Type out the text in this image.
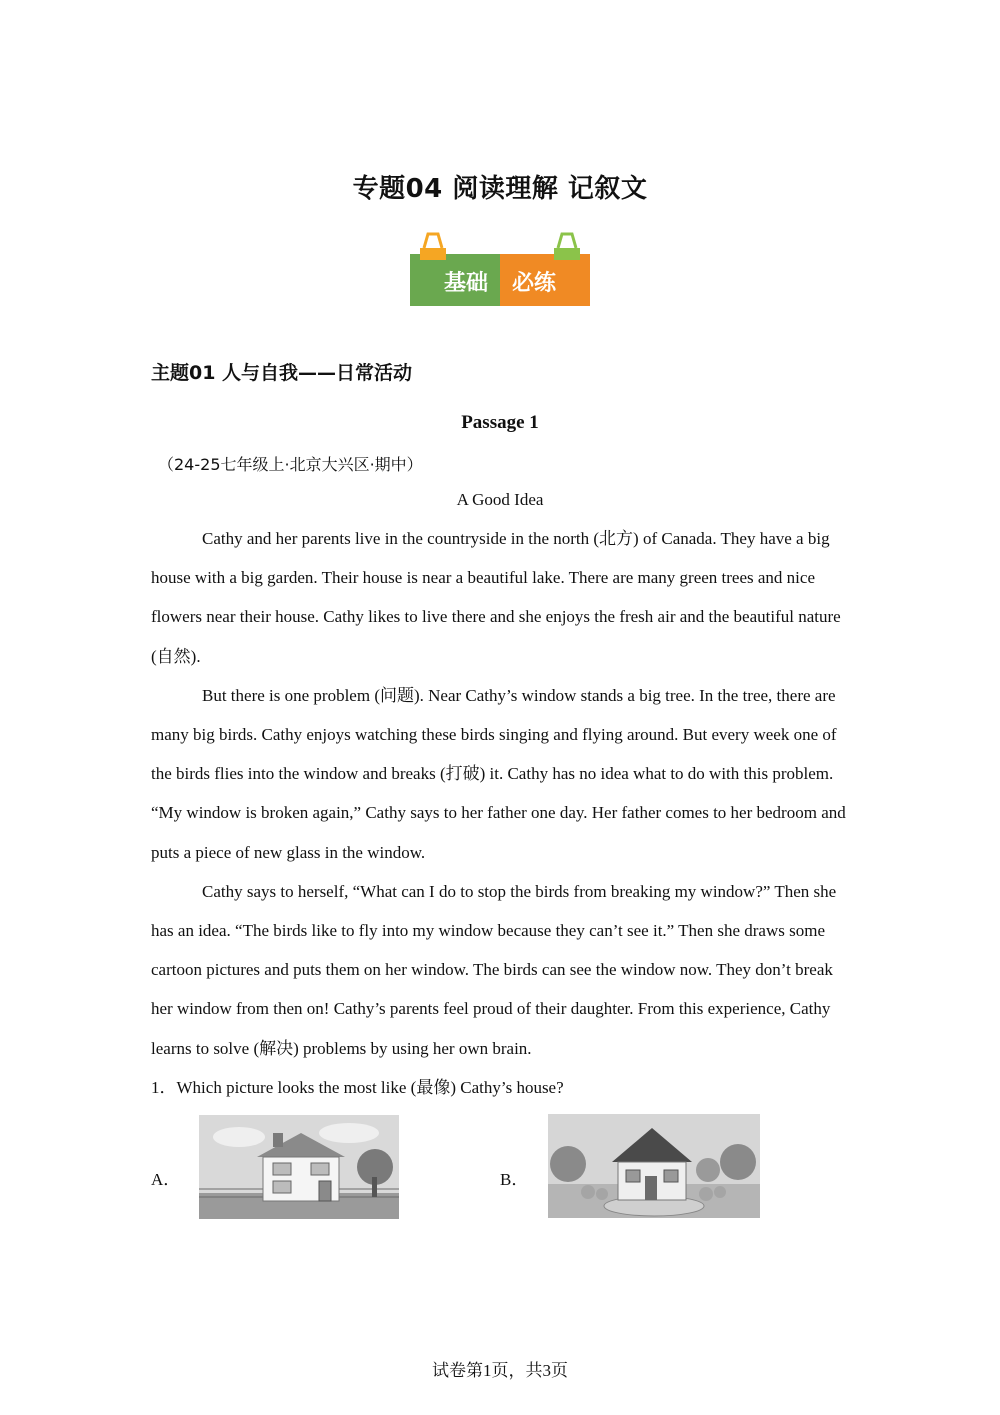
专题04 阅读理解 记叙文
基础 必练
主题01 人与自我——日常活动
Passage 1
（24-25七年级上·北京大兴区·期中）
A Good Idea

Cathy and her parents live in the countryside in the north (北方) of Canada. They have a big house with a big garden. Their house is near a beautiful lake. There are many green trees and nice flowers near their house. Cathy likes to live there and she enjoys the fresh air and the beautiful nature (自然).

But there is one problem (问题). Near Cathy’s window stands a big tree. In the tree, there are many big birds. Cathy enjoys watching these birds singing and flying around. But every week one of the birds flies into the window and breaks (打破) it. Cathy has no idea what to do with this problem. “My window is broken again,” Cathy says to her father one day. Her father comes to her bedroom and puts a piece of new glass in the window.

Cathy says to herself, “What can I do to stop the birds from breaking my window?” Then she has an idea. “The birds like to fly into my window because they can’t see it.” Then she draws some cartoon pictures and puts them on her window. The birds can see the window now. They don’t break her window from then on! Cathy’s parents feel proud of their daughter. From this experience, Cathy learns to solve (解决) problems by using her own brain.

1．Which picture looks the most like (最像) Cathy’s house?
A．	B．
试卷第1页，共3页
